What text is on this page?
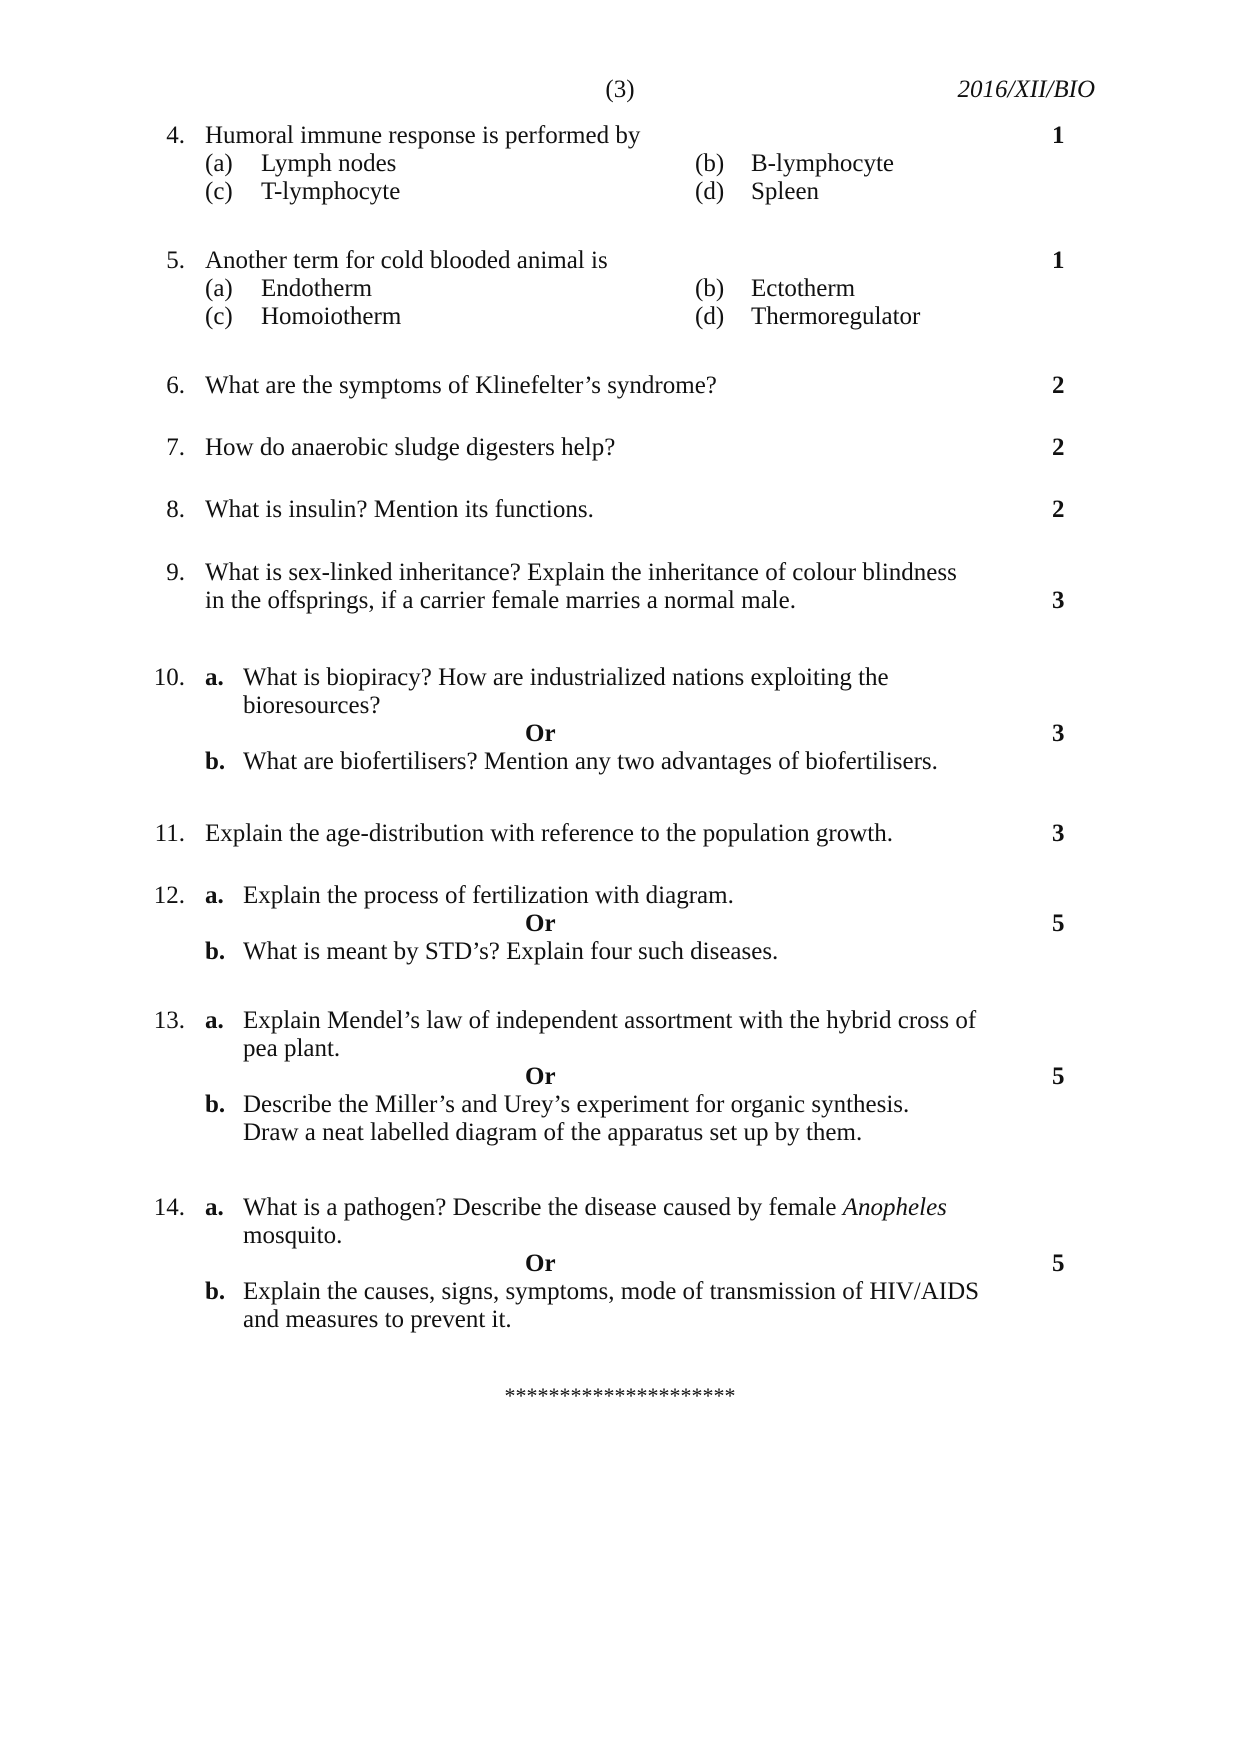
(3)	2016/XII/BIO
4. Humoral immune response is performed by	1
(a) Lymph nodes	(b) B-lymphocyte
(c) T-lymphocyte	(d) Spleen
5. Another term for cold blooded animal is	1
(a) Endotherm	(b) Ectotherm
(c) Homoiotherm	(d) Thermoregulator
6. What are the symptoms of Klinefelter’s syndrome?	2
7. How do anaerobic sludge digesters help?	2
8. What is insulin? Mention its functions.	2
9. What is sex-linked inheritance? Explain the inheritance of colour blindness
in the offsprings, if a carrier female marries a normal male.	3
10. a. What is biopiracy? How are industrialized nations exploiting the
bioresources?
Or	3
b. What are biofertilisers? Mention any two advantages of biofertilisers.
11. Explain the age-distribution with reference to the population growth.	3
12. a. Explain the process of fertilization with diagram.
Or	5
b. What is meant by STD’s? Explain four such diseases.
13. a. Explain Mendel’s law of independent assortment with the hybrid cross of
pea plant.
Or	5
b. Describe the Miller’s and Urey’s experiment for organic synthesis.
Draw a neat labelled diagram of the apparatus set up by them.
14. a. What is a pathogen? Describe the disease caused by female Anopheles
mosquito.
Or	5
b. Explain the causes, signs, symptoms, mode of transmission of HIV/AIDS
and measures to prevent it.
*********************
